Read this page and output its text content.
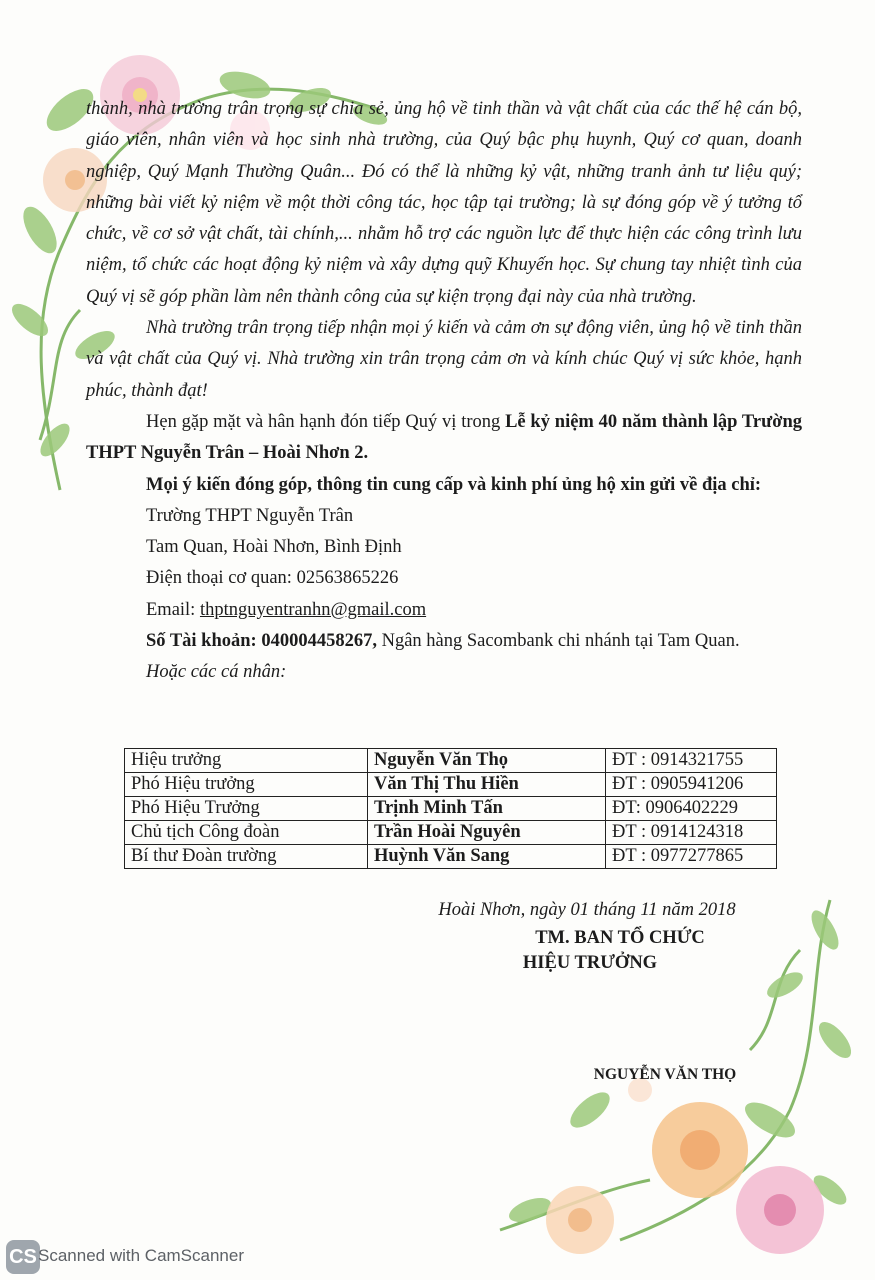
thành, nhà trường trân trọng sự chia sẻ, ủng hộ về tinh thần và vật chất của các thế hệ cán bộ, giáo viên, nhân viên và học sinh nhà trường, của Quý bậc phụ huynh, Quý cơ quan, doanh nghiệp, Quý Mạnh Thường Quân... Đó có thể là những kỷ vật, những tranh ảnh tư liệu quý; những bài viết kỷ niệm về một thời công tác, học tập tại trường; là sự đóng góp về ý tưởng tổ chức, về cơ sở vật chất, tài chính,... nhằm hỗ trợ các nguồn lực để thực hiện các công trình lưu niệm, tổ chức các hoạt động kỷ niệm và xây dựng quỹ Khuyến học. Sự chung tay nhiệt tình của Quý vị sẽ góp phần làm nên thành công của sự kiện trọng đại này của nhà trường.

Nhà trường trân trọng tiếp nhận mọi ý kiến và cảm ơn sự động viên, ủng hộ về tinh thần và vật chất của Quý vị. Nhà trường xin trân trọng cảm ơn và kính chúc Quý vị sức khỏe, hạnh phúc, thành đạt!

Hẹn gặp mặt và hân hạnh đón tiếp Quý vị trong Lễ kỷ niệm 40 năm thành lập Trường THPT Nguyễn Trân – Hoài Nhơn 2.

Mọi ý kiến đóng góp, thông tin cung cấp và kinh phí ủng hộ xin gửi về địa chỉ:

Trường THPT Nguyễn Trân

Tam Quan, Hoài Nhơn, Bình Định

Điện thoại cơ quan: 02563865226

Email: thptnguyentranhn@gmail.com

Số Tài khoản: 040004458267, Ngân hàng Sacombank chi nhánh tại Tam Quan.

Hoặc các cá nhân:

Hiệu trưởng	Nguyễn Văn Thọ	ĐT : 0914321755
Phó Hiệu trưởng	Văn Thị Thu Hiền	ĐT : 0905941206
Phó Hiệu Trưởng	Trịnh Minh Tấn	ĐT: 0906402229
Chủ tịch Công đoàn	Trần Hoài Nguyên	ĐT : 0914124318
Bí thư Đoàn trường	Huỳnh Văn Sang	ĐT : 0977277865
Hoài Nhơn, ngày 01 tháng 11 năm 2018
TM. BAN TỔ CHỨC
HIỆU TRƯỞNG
NGUYỄN VĂN THỌ
CS Scanned with CamScanner
